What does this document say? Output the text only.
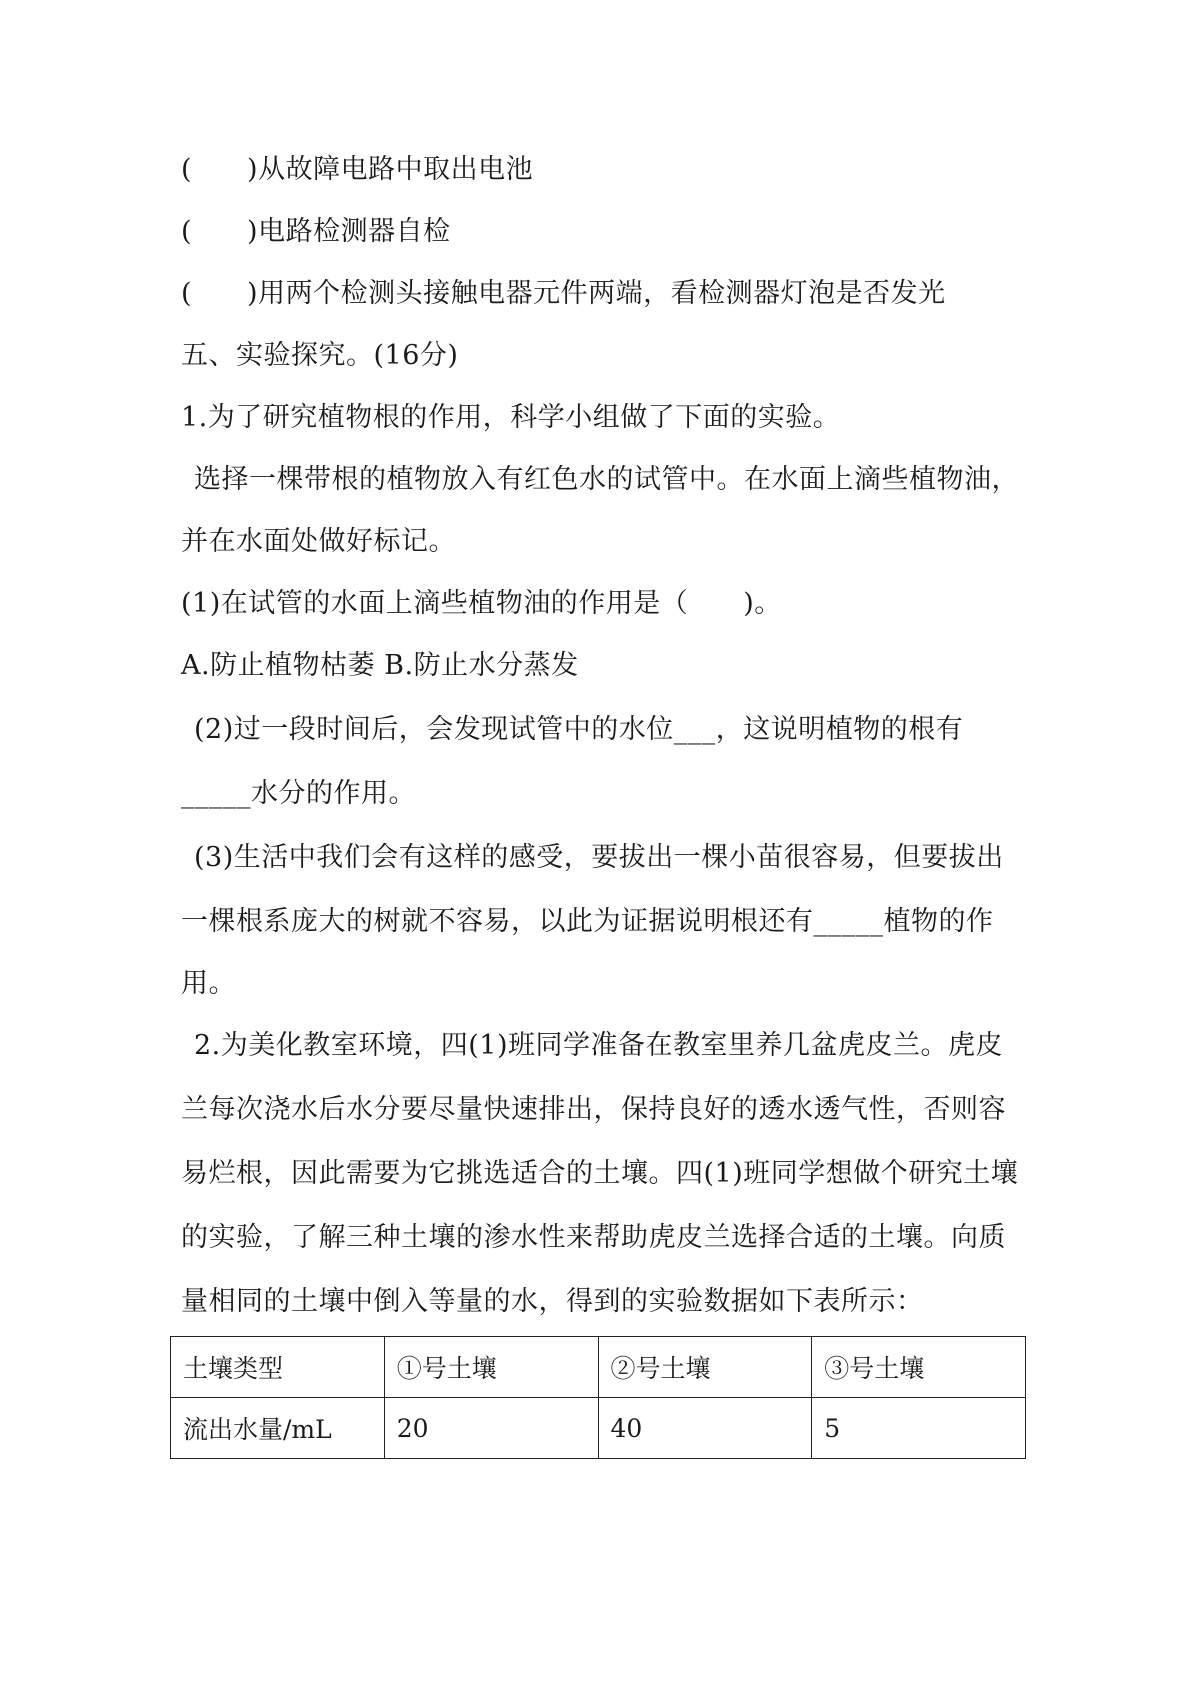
(　　)从故障电路中取出电池
(　　)电路检测器自检
(　　)用两个检测头接触电器元件两端，看检测器灯泡是否发光
五、实验探究。(16分)
1.为了研究植物根的作用，科学小组做了下面的实验。
选择一棵带根的植物放入有红色水的试管中。在水面上滴些植物油，
并在水面处做好标记。
(1)在试管的水面上滴些植物油的作用是（　　)。
A.防止植物枯萎 B.防止水分蒸发
(2)过一段时间后，会发现试管中的水位___，这说明植物的根有
_____水分的作用。
(3)生活中我们会有这样的感受，要拔出一棵小苗很容易，但要拔出
一棵根系庞大的树就不容易，以此为证据说明根还有_____植物的作
用。
2.为美化教室环境，四(1)班同学准备在教室里养几盆虎皮兰。虎皮
兰每次浇水后水分要尽量快速排出，保持良好的透水透气性，否则容
易烂根，因此需要为它挑选适合的土壤。四(1)班同学想做个研究土壤
的实验，了解三种土壤的渗水性来帮助虎皮兰选择合适的土壤。向质
量相同的土壤中倒入等量的水，得到的实验数据如下表所示：
土壤类型	①号土壤	②号土壤	③号土壤
流出水量/mL	20	40	5
